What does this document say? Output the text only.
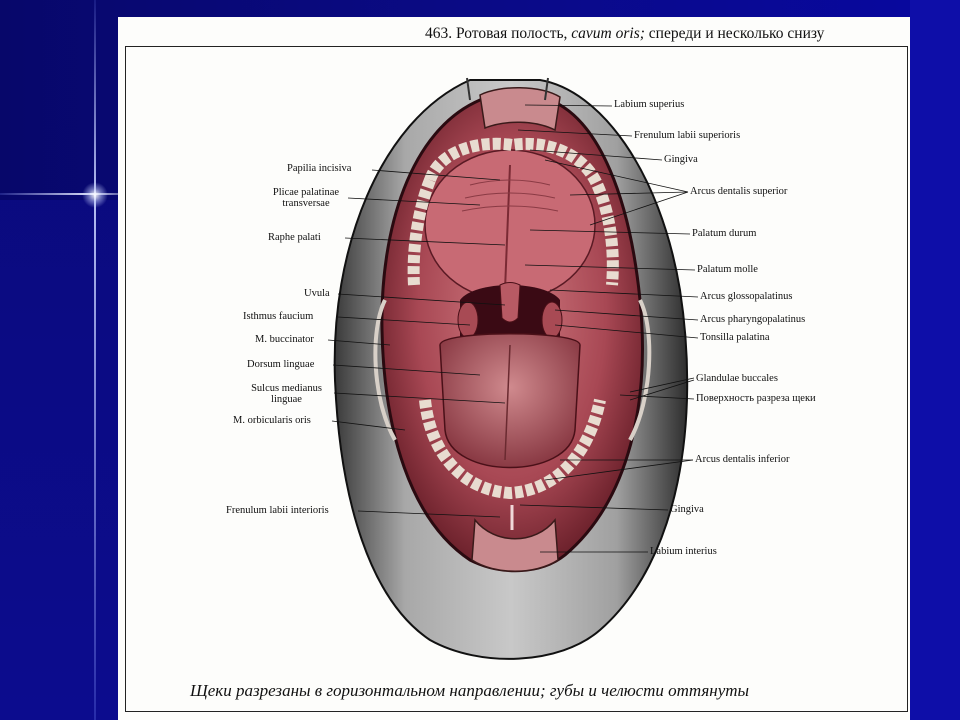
463. Ротовая полость, cavum oris; спереди и несколько снизу
Labium superius
Frenulum labii superioris
Gingiva
Arcus dentalis superior
Palatum durum
Palatum molle
Arcus glossopalatinus
Arcus pharyngopalatinus
Tonsilla palatina
Glandulae buccales
Поверхность разреза щеки
Arcus dentalis inferior
Gingiva
Labium interius
Papilia incisiva
Plicae palatinae
transversae
Raphe palati
Uvula
Isthmus faucium
M. buccinator
Dorsum linguae
Sulcus medianus
linguae
M. orbicularis oris
Frenulum labii interioris
Щеки разрезаны в горизонтальном направлении; губы и челюсти оттянуты
